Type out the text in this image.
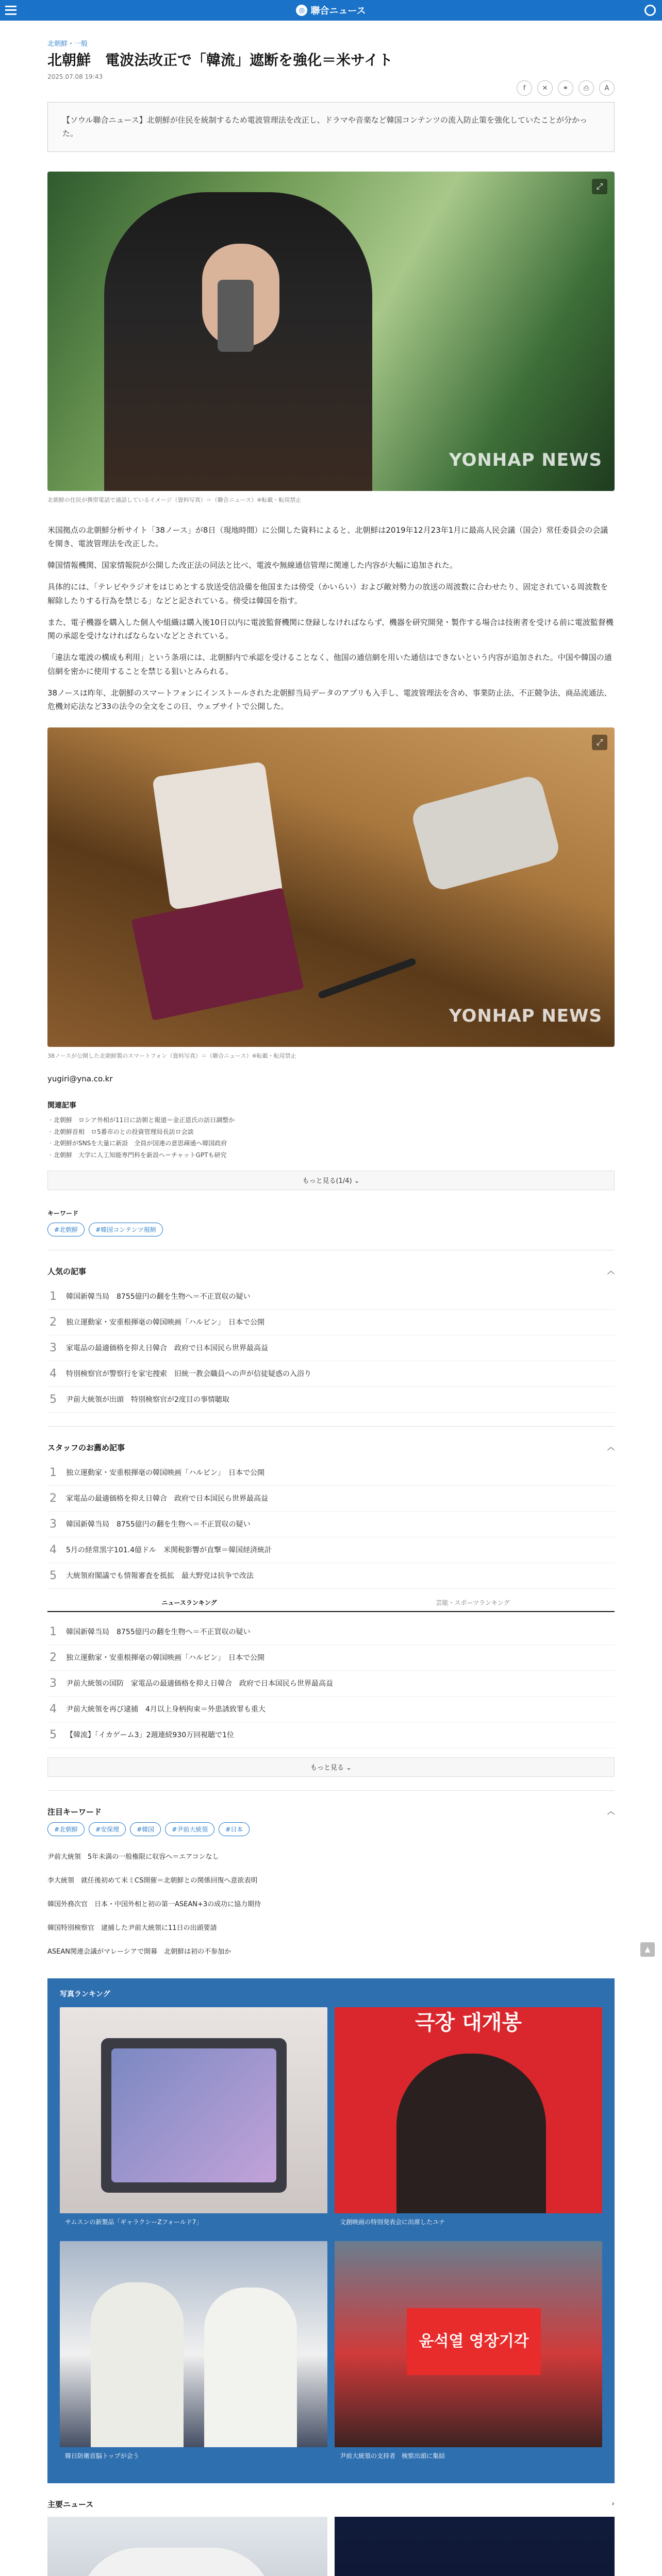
◎ 聯合ニュース
f	✕	⚭	⎙	A
北朝鮮・一般
北朝鮮　電波法改正で「韓流」遮断を強化＝米サイト
2025.07.08 19:43
【ソウル聯合ニュース】北朝鮮が住民を統制するため電波管理法を改正し、ドラマや音楽など韓国コンテンツの流入防止策を強化していたことが分かった。
⤢
YONHAP NEWS
北朝鮮の住民が携帯電話で通話しているイメージ（資料写真）＝（聯合ニュース）※転載・転用禁止

米国拠点の北朝鮮分析サイト「38ノース」が8日（現地時間）に公開した資料によると、北朝鮮は2019年12月23年1月に最高人民会議（国会）常任委員会の会議を開き、電波管理法を改正した。

韓国情報機関、国家情報院が公開した改正法の同法と比べ、電波や無線通信管理に関連した内容が大幅に追加された。

具体的には、「テレビやラジオをはじめとする放送受信設備を他国または傍受（かいらい）および敵対勢力の放送の周波数に合わせたり、固定されている周波数を解除したりする行為を禁じる」などと記されている。傍受は韓国を指す。

また、電子機器を購入した個人や組織は購入後10日以内に電波監督機関に登録しなければならず、機器を研究開発・製作する場合は技術者を受ける前に電波監督機関の承認を受けなければならないなどとされている。

「違法な電波の構成も利用」という条項には、北朝鮮内で承認を受けることなく、他国の通信網を用いた通信はできないという内容が追加された。中国や韓国の通信網を密かに使用することを禁じる狙いとみられる。

38ノースは昨年、北朝鮮のスマートフォンにインストールされた北朝鮮当局データのアプリも入手し、電波管理法を含め、事業防止法、不正競争法、商品流通法、危機対応法など33の法令の全文をこの日、ウェブサイトで公開した。

⤢
YONHAP NEWS
38ノースが公開した北朝鮮製のスマートフォン（資料写真）＝（聯合ニュース）※転載・転用禁止
yugiri@yna.co.kr
関連記事
・ 北朝鮮　ロシア外相が11日に訪朝と報道＝金正恩氏の訪日調整か
・ 北朝鮮首相　ロ5番市のとの投資管理局長訪ロ会談
・ 北朝鮮がSNSを大量に新設　全員が国連の意思疎通へ韓国政府
・ 北朝鮮　大学に人工知能専門科を新設へ＝チャットGPTも研究
もっと見る(1/4) ⌄
キーワード
#北朝鮮	#韓国コンテンツ規制
人気の記事	︿
1 韓国新韓当局　8755億円の翻を生物へ＝不正買収の疑い
2 独立運動家・安重根揮毫の韓国映画「ハルビン」　日本で公開
3 家電品の最適価格を抑え日韓合　政府で日本国民ら世界最高益
4 特別検察官が警察行を家宅捜索　旧統一教会職員への声が信徒疑惑の入浴り
5 尹前大統領が出頭　特別検察官が2度目の事情聴取
スタッフのお薦め記事	︿
1 独立運動家・安重根揮毫の韓国映画「ハルビン」　日本で公開
2 家電品の最適価格を抑え日韓合　政府で日本国民ら世界最高益
3 韓国新韓当局　8755億円の翻を生物へ＝不正買収の疑い
4 5月の経常黒字101.4億ドル　米関税影響が直撃＝韓国経済統計
5 大統領府閣議でも情報審査を抵拡　最大野党は抗争で改法
ニュースランキング	芸能・スポーツランキング
1 韓国新韓当局　8755億円の翻を生物へ＝不正買収の疑い
2 独立運動家・安重根揮毫の韓国映画「ハルビン」　日本で公開
3 尹前大統領の国防　家電品の最適価格を抑え日韓合　政府で日本国民ら世界最高益
4 尹前大統領を再び逮捕　4月以上身柄拘束＝外患誘致罪も重大
5 【韓流】「イカゲーム3」2週連続930万回視聴で1位
もっと見る ⌄
注目キーワード	︿
#北朝鮮	#安保理	#韓国	#尹前大統領	#日本
尹前大統領　5年未満の一般権限に収容へ＝エアコンなし
李大統領　就任後初めて米ミCS開催＝北朝鮮との関係回復へ意欲表明
韓国外務次官　日本・中国外相と初の第一ASEAN+3の成功に協力期待
韓国特別検察官　逮捕した尹前大統領に11日の出頭要請
ASEAN関連会議がマレーシアで開幕　北朝鮮は初の不参加か
写真ランキング
サムスンの新製品「ギャラクシーZフォールド7」
극장 대개봉
文創映画の特別発表会に出席したユナ
韓日防衛首脳トップが会う
윤석열 영장기각
尹前大統領の支持者　検察出頭に集結
主要ニュース	›
▲
